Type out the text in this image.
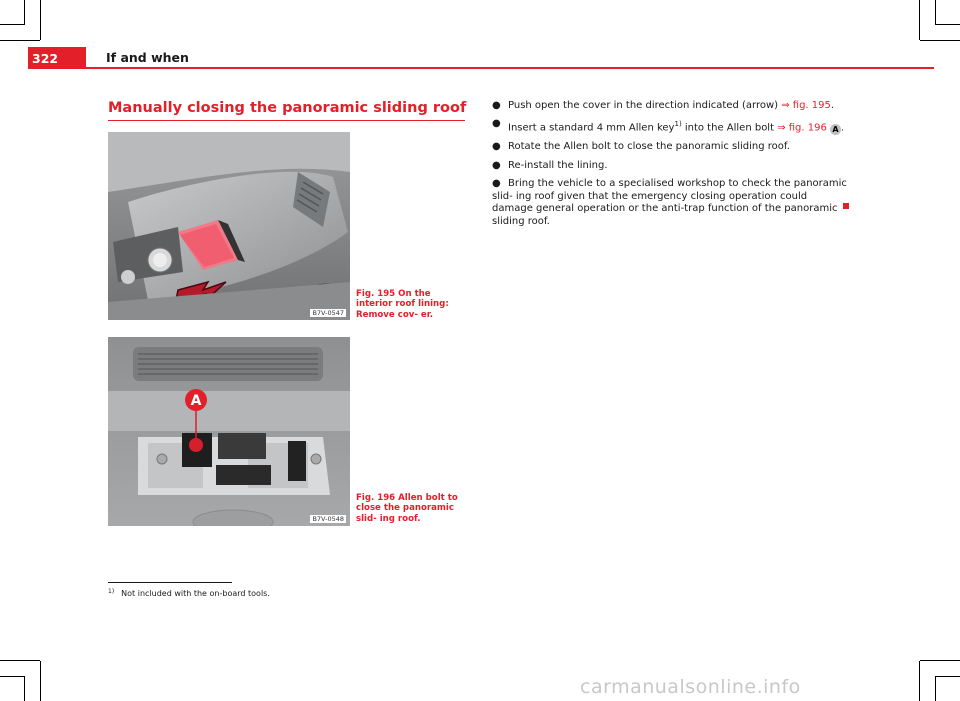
322	If and when
Manually closing the panoramic sliding roof
B7V-0547
Fig. 195 On the interior roof lining: Remove cov- er.
A
B7V-0548
Fig. 196 Allen bolt to close the panoramic slid- ing roof.
● Push open the cover in the direction indicated (arrow) ⇒ fig. 195.
● Insert a standard 4 mm Allen key$^{1)}$ into the Allen bolt ⇒ fig. 196 A .
● Rotate the Allen bolt to close the panoramic sliding roof.
● Re-install the lining.
● Bring the vehicle to a specialised workshop to check the panoramic slid- ing roof given that the emergency closing operation could damage general operation or the anti-trap function of the panoramic sliding roof.
$^{1)}$ Not included with the on-board tools.
carmanualsonline.info
